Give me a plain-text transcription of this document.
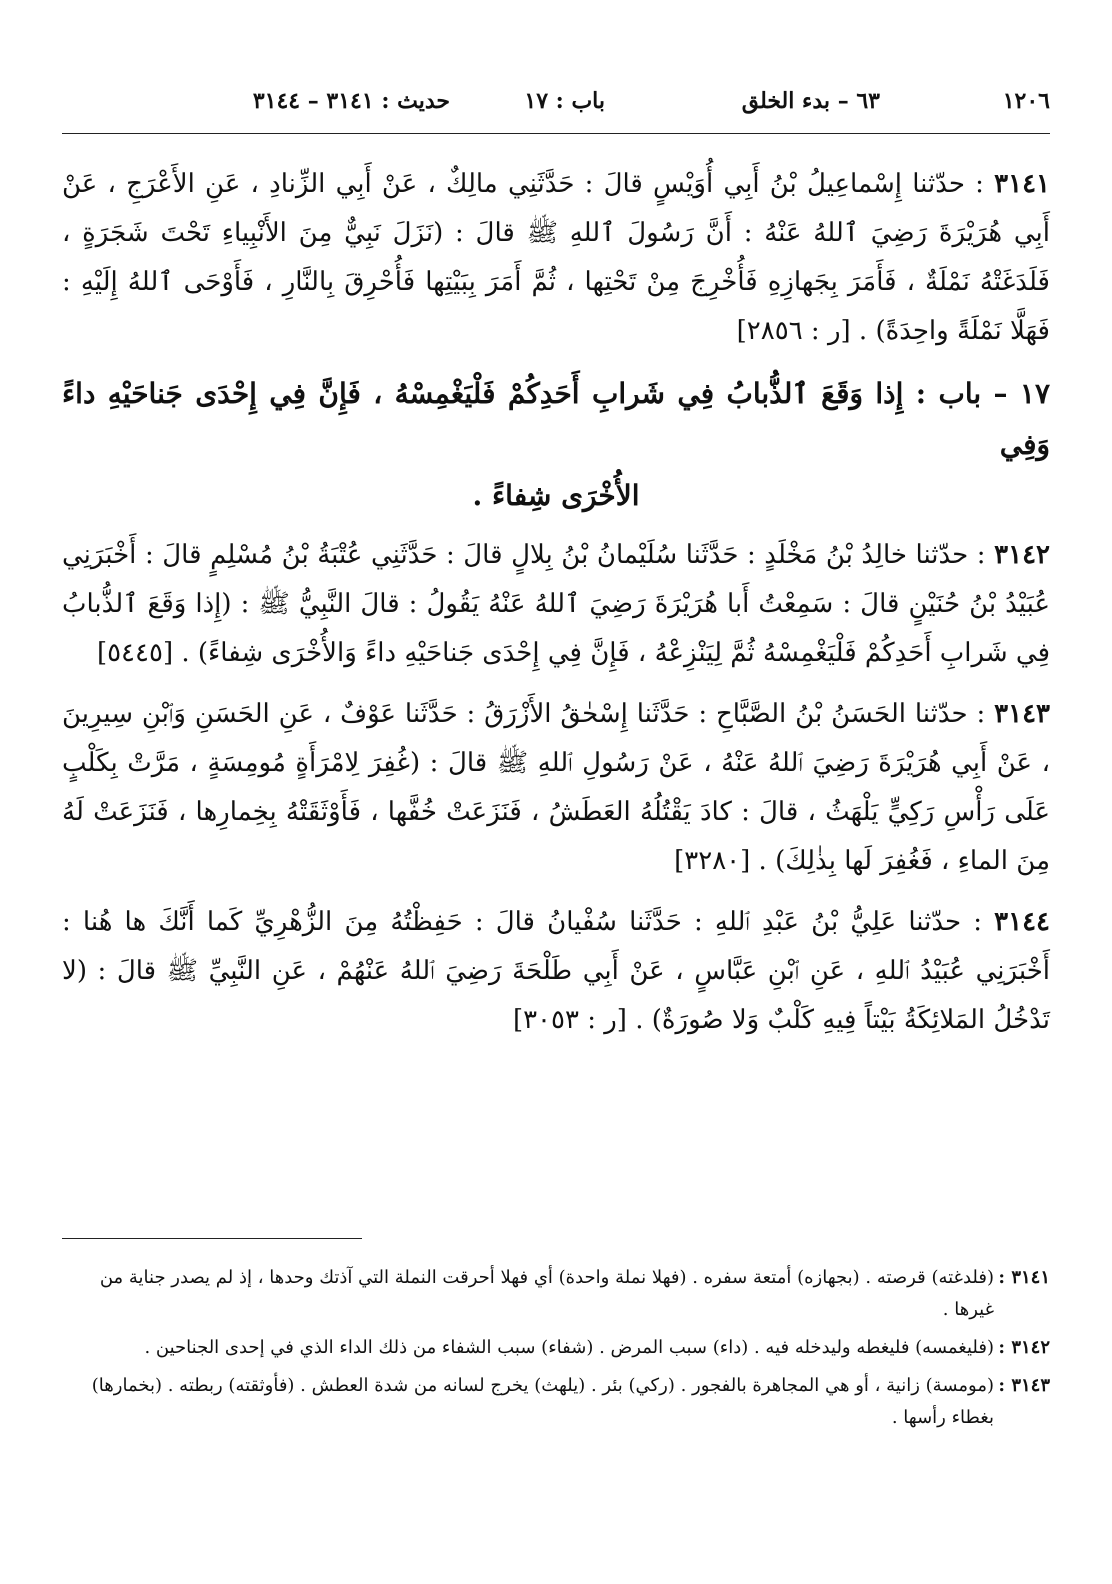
١٢٠٦
٦٣ – بدء الخلق
باب : ١٧
حديث : ٣١٤١ – ٣١٤٤

٣١٤١ : حدّثنا إِسْماعِيلُ بْنُ أَبِي أُوَيْسٍ قالَ : حَدَّثَنِي مالِكٌ ، عَنْ أَبِي الزِّنادِ ، عَنِ الأَعْرَجِ ، عَنْ أَبِي هُرَيْرَةَ رَضِيَ ٱللهُ عَنْهُ : أَنَّ رَسُولَ ٱللهِ ﷺ قالَ : (نَزَلَ نَبِيٌّ مِنَ الأَنْبِياءِ تَحْتَ شَجَرَةٍ ، فَلَدَغَتْهُ نَمْلَةٌ ، فَأَمَرَ بِجَهازِهِ فَأُخْرِجَ مِنْ تَحْتِها ، ثُمَّ أَمَرَ بِبَيْتِها فَأُحْرِقَ بِالنَّارِ ، فَأَوْحَى ٱللهُ إِلَيْهِ : فَهَلَّا نَمْلَةً واحِدَةً) . [ر : ٢٨٥٦]

١٧ – باب : إِذا وَقَعَ ٱلذُّبابُ فِي شَرابِ أَحَدِكُمْ فَلْيَغْمِسْهُ ، فَإِنَّ فِي إِحْدَى جَناحَيْهِ داءً وَفِي
الأُخْرَى شِفاءً .

٣١٤٢ : حدّثنا خالِدُ بْنُ مَخْلَدٍ : حَدَّثَنا سُلَيْمانُ بْنُ بِلالٍ قالَ : حَدَّثَنِي عُتْبَةُ بْنُ مُسْلِمٍ قالَ : أَخْبَرَنِي عُبَيْدُ بْنُ حُنَيْنٍ قالَ : سَمِعْتُ أَبا هُرَيْرَةَ رَضِيَ ٱللهُ عَنْهُ يَقُولُ : قالَ النَّبِيُّ ﷺ : (إِذا وَقَعَ ٱلذُّبابُ فِي شَرابِ أَحَدِكُمْ فَلْيَغْمِسْهُ ثُمَّ لِيَنْزِعْهُ ، فَإِنَّ فِي إِحْدَى جَناحَيْهِ داءً وَالأُخْرَى شِفاءً) . [٥٤٤٥]

٣١٤٣ : حدّثنا الحَسَنُ بْنُ الصَّبَّاحِ : حَدَّثَنا إِسْحٰقُ الأَزْرَقُ : حَدَّثَنا عَوْفٌ ، عَنِ الحَسَنِ وَٱبْنِ سِيرِينَ ، عَنْ أَبِي هُرَيْرَةَ رَضِيَ ٱللهُ عَنْهُ ، عَنْ رَسُولِ ٱللهِ ﷺ قالَ : (غُفِرَ لِامْرَأَةٍ مُومِسَةٍ ، مَرَّتْ بِكَلْبٍ عَلَى رَأْسِ رَكِيٍّ يَلْهَثُ ، قالَ : كادَ يَقْتُلُهُ العَطَشُ ، فَنَزَعَتْ خُفَّها ، فَأَوْثَقَتْهُ بِخِمارِها ، فَنَزَعَتْ لَهُ مِنَ الماءِ ، فَغُفِرَ لَها بِذٰلِكَ) . [٣٢٨٠]

٣١٤٤ : حدّثنا عَلِيُّ بْنُ عَبْدِ ٱللهِ : حَدَّثَنا سُفْيانُ قالَ : حَفِظْتُهُ مِنَ الزُّهْرِيِّ كَما أَنَّكَ ها هُنا : أَخْبَرَنِي عُبَيْدُ ٱللهِ ، عَنِ ٱبْنِ عَبَّاسٍ ، عَنْ أَبِي طَلْحَةَ رَضِيَ ٱللهُ عَنْهُمْ ، عَنِ النَّبِيِّ ﷺ قالَ : (لا تَدْخُلُ المَلائِكَةُ بَيْتاً فِيهِ كَلْبٌ وَلا صُورَةٌ) . [ر : ٣٠٥٣]

٣١٤١ :
(فلدغته) قرصته . (بجهازه) أمتعة سفره . (فهلا نملة واحدة) أي فهلا أحرقت النملة التي آذتك وحدها ، إذ لم يصدر جناية من غيرها .

٣١٤٢ :
(فليغمسه) فليغطه وليدخله فيه . (داء) سبب المرض . (شفاء) سبب الشفاء من ذلك الداء الذي في إحدى الجناحين .

٣١٤٣ :
(مومسة) زانية ، أو هي المجاهرة بالفجور . (ركي) بئر . (يلهث) يخرج لسانه من شدة العطش . (فأوثقته) ربطته . (بخمارها) بغطاء رأسها .
